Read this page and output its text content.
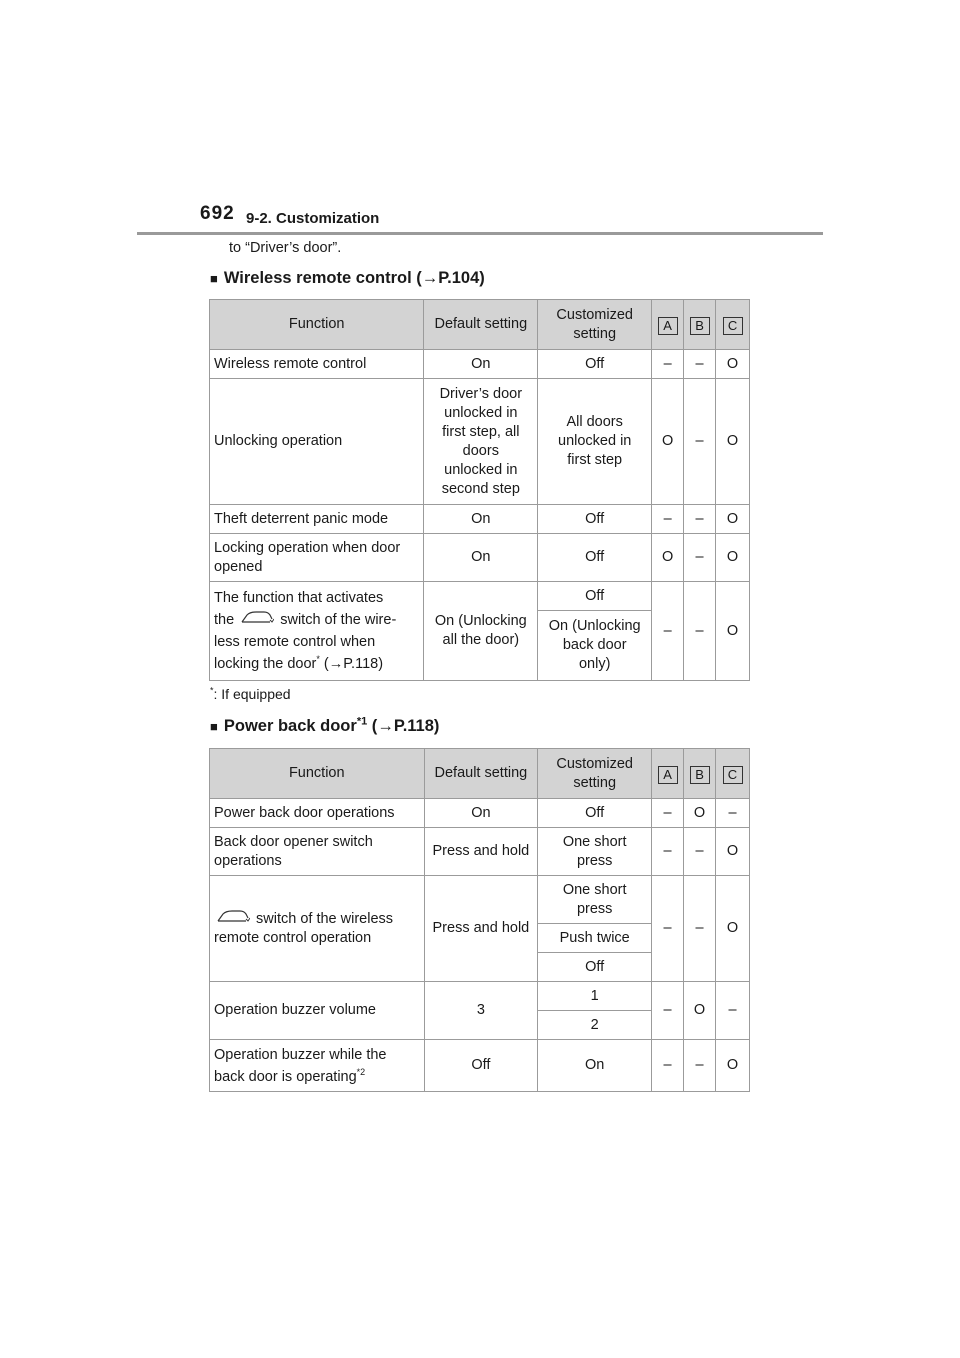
692 9-2. Customization
to “Driver’s door”.
■ Wireless remote control (→P.104)
Function	Default setting	Customized setting	A	B	C
Wireless remote control	On	Off	–	–	O
Unlocking operation	Driver’s door unlocked in first step, all doors unlocked in second step	All doors unlocked in first step	O	–	O
Theft deterrent panic mode	On	Off	–	–	O
Locking operation when door opened	On	Off	O	–	O
The function that activates
the switch of the wire-
less remote control when
locking the door* (→P.118)	On (Unlocking all the door)	Off	–	–	O
		On (Unlocking back door only)			
*: If equipped
■ Power back door$^{*1}$ (→P.118)
Function	Default setting	Customized setting	A	B	C
Power back door operations	On	Off	–	O	–
Back door opener switch operations	Press and hold	One short press	–	–	O
switch of the wireless
remote control operation	Press and hold	One short press	–	–	O
		Push twice			
		Off			
Operation buzzer volume	3	1	–	O	–
		2			
Operation buzzer while the back door is operating$^{*2}$	Off	On	–	–	O
